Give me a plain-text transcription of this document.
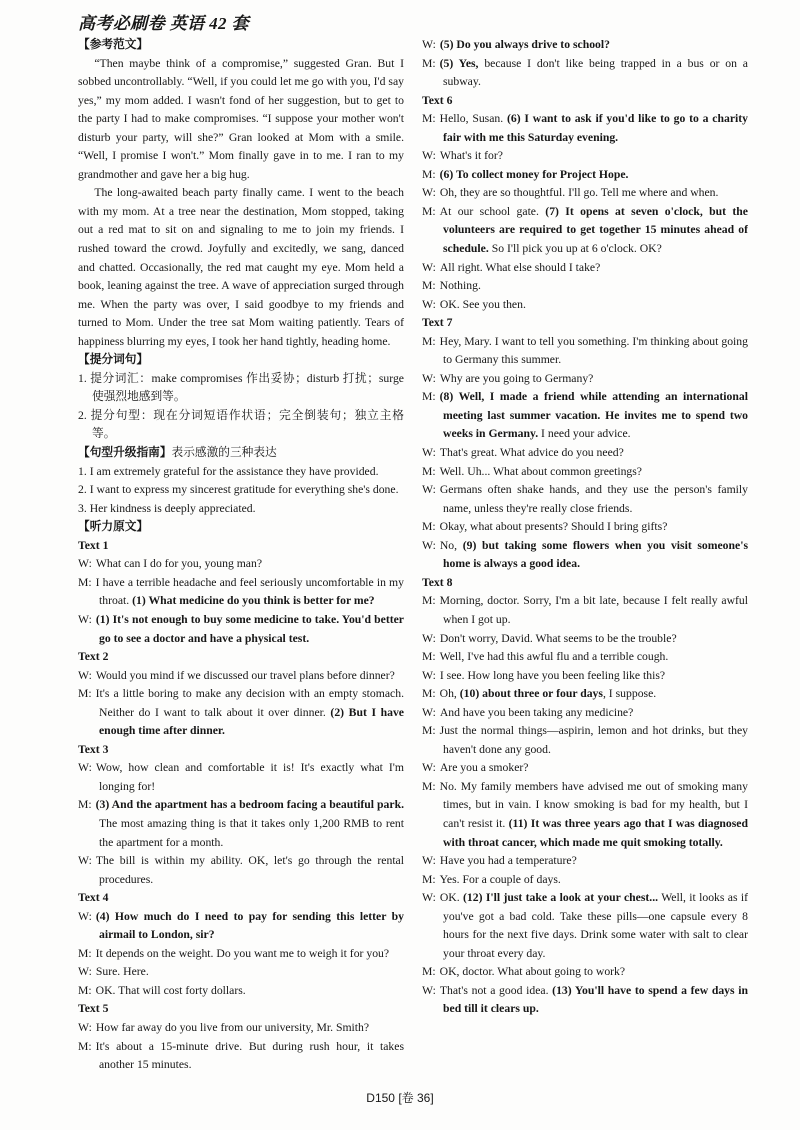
高考必刷卷 英语 42 套
【参考范文】

“Then maybe think of a compromise,” suggested Gran. But I sobbed uncontrollably. “Well, if you could let me go with you, I'd say yes,” my mom added. I wasn't fond of her suggestion, but to get to the party I had to make compromises. “I suppose your mother won't disturb your party, will she?” Gran looked at Mom with a smile. “Well, I promise I won't.” Mom finally gave in to me. I ran to my grandmother and gave her a big hug.

The long-awaited beach party finally came. I went to the beach with my mom. At a tree near the destination, Mom stopped, taking out a red mat to sit on and signaling to me to join my friends. I rushed toward the crowd. Joyfully and excitedly, we sang, danced and chatted. Occasionally, the red mat caught my eye. Mom held a book, leaning against the tree. A wave of appreciation surged through me. When the party was over, I said goodbye to my friends and turned to Mom. Under the tree sat Mom waiting patiently. Tears of happiness blurring my eyes, I took her hand tightly, heading home.

【提分词句】
1. 提分词汇：make compromises 作出妥协；disturb 打扰；surge 使强烈地感到等。
2. 提分句型：现在分词短语作状语；完全倒装句；独立主格等。
【句型升级指南】表示感激的三种表达
1. I am extremely grateful for the assistance they have provided.
2. I want to express my sincerest gratitude for everything she's done.
3. Her kindness is deeply appreciated.
【听力原文】
Text 1
W: What can I do for you, young man?
M: I have a terrible headache and feel seriously uncomfortable in my throat. (1) What medicine do you think is better for me?
W: (1) It's not enough to buy some medicine to take. You'd better go to see a doctor and have a physical test.
Text 2
W: Would you mind if we discussed our travel plans before dinner?
M: It's a little boring to make any decision with an empty stomach. Neither do I want to talk about it over dinner. (2) But I have enough time after dinner.
Text 3
W: Wow, how clean and comfortable it is! It's exactly what I'm longing for!
M: (3) And the apartment has a bedroom facing a beautiful park. The most amazing thing is that it takes only 1,200 RMB to rent the apartment for a month.
W: The bill is within my ability. OK, let's go through the rental procedures.
Text 4
W: (4) How much do I need to pay for sending this letter by airmail to London, sir?
M: It depends on the weight. Do you want me to weigh it for you?
W: Sure. Here.
M: OK. That will cost forty dollars.
Text 5
W: How far away do you live from our university, Mr. Smith?
M: It's about a 15-minute drive. But during rush hour, it takes another 15 minutes.
W: (5) Do you always drive to school?
M: (5) Yes, because I don't like being trapped in a bus or on a subway.
Text 6
M: Hello, Susan. (6) I want to ask if you'd like to go to a charity fair with me this Saturday evening.
W: What's it for?
M: (6) To collect money for Project Hope.
W: Oh, they are so thoughtful. I'll go. Tell me where and when.
M: At our school gate. (7) It opens at seven o'clock, but the volunteers are required to get together 15 minutes ahead of schedule. So I'll pick you up at 6 o'clock. OK?
W: All right. What else should I take?
M: Nothing.
W: OK. See you then.
Text 7
M: Hey, Mary. I want to tell you something. I'm thinking about going to Germany this summer.
W: Why are you going to Germany?
M: (8) Well, I made a friend while attending an international meeting last summer vacation. He invites me to spend two weeks in Germany. I need your advice.
W: That's great. What advice do you need?
M: Well. Uh... What about common greetings?
W: Germans often shake hands, and they use the person's family name, unless they're really close friends.
M: Okay, what about presents? Should I bring gifts?
W: No, (9) but taking some flowers when you visit someone's home is always a good idea.
Text 8
M: Morning, doctor. Sorry, I'm a bit late, because I felt really awful when I got up.
W: Don't worry, David. What seems to be the trouble?
M: Well, I've had this awful flu and a terrible cough.
W: I see. How long have you been feeling like this?
M: Oh, (10) about three or four days, I suppose.
W: And have you been taking any medicine?
M: Just the normal things—aspirin, lemon and hot drinks, but they haven't done any good.
W: Are you a smoker?
M: No. My family members have advised me out of smoking many times, but in vain. I know smoking is bad for my health, but I can't resist it. (11) It was three years ago that I was diagnosed with throat cancer, which made me quit smoking totally.
W: Have you had a temperature?
M: Yes. For a couple of days.
W: OK. (12) I'll just take a look at your chest... Well, it looks as if you've got a bad cold. Take these pills—one capsule every 8 hours for the next five days. Drink some water with salt to clear your throat every day.
M: OK, doctor. What about going to work?
W: That's not a good idea. (13) You'll have to spend a few days in bed till it clears up.
D150 [卷 36]
